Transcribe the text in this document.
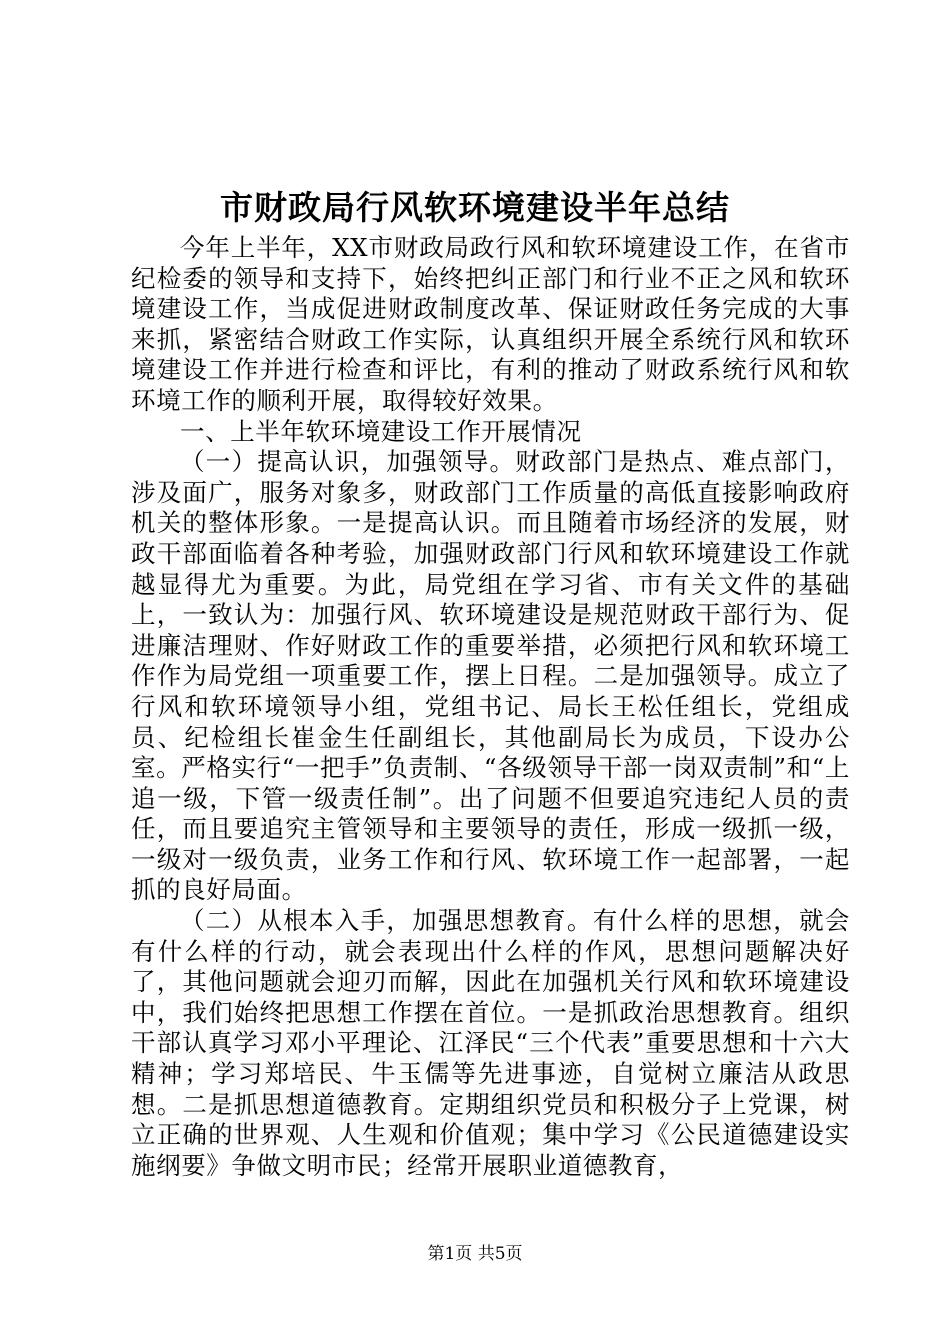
市财政局行风软环境建设半年总结

今年上半年，XX市财政局政行风和软环境建设工作，在省市纪检委的领导和支持下，始终把纠正部门和行业不正之风和软环境建设工作，当成促进财政制度改革、保证财政任务完成的大事来抓，紧密结合财政工作实际，认真组织开展全系统行风和软环境建设工作并进行检查和评比，有利的推动了财政系统行风和软环境工作的顺利开展，取得较好效果。

一、上半年软环境建设工作开展情况

（一）提高认识，加强领导。财政部门是热点、难点部门，涉及面广，服务对象多，财政部门工作质量的高低直接影响政府机关的整体形象。一是提高认识。而且随着市场经济的发展，财政干部面临着各种考验，加强财政部门行风和软环境建设工作就越显得尤为重要。为此，局党组在学习省、市有关文件的基础上，一致认为：加强行风、软环境建设是规范财政干部行为、促进廉洁理财、作好财政工作的重要举措，必须把行风和软环境工作作为局党组一项重要工作，摆上日程。二是加强领导。成立了行风和软环境领导小组，党组书记、局长王松任组长，党组成员、纪检组长崔金生任副组长，其他副局长为成员，下设办公室。严格实行“一把手”负责制、“各级领导干部一岗双责制”和“上追一级，下管一级责任制”。出了问题不但要追究违纪人员的责任，而且要追究主管领导和主要领导的责任，形成一级抓一级，一级对一级负责，业务工作和行风、软环境工作一起部署，一起抓的良好局面。

（二）从根本入手，加强思想教育。有什么样的思想，就会有什么样的行动，就会表现出什么样的作风，思想问题解决好了，其他问题就会迎刃而解，因此在加强机关行风和软环境建设中，我们始终把思想工作摆在首位。一是抓政治思想教育。组织干部认真学习邓小平理论、江泽民“三个代表”重要思想和十六大精神；学习郑培民、牛玉儒等先进事迹，自觉树立廉洁从政思想。二是抓思想道德教育。定期组织党员和积极分子上党课，树立正确的世界观、人生观和价值观；集中学习《公民道德建设实施纲要》争做文明市民；经常开展职业道德教育，

第1页 共5页
